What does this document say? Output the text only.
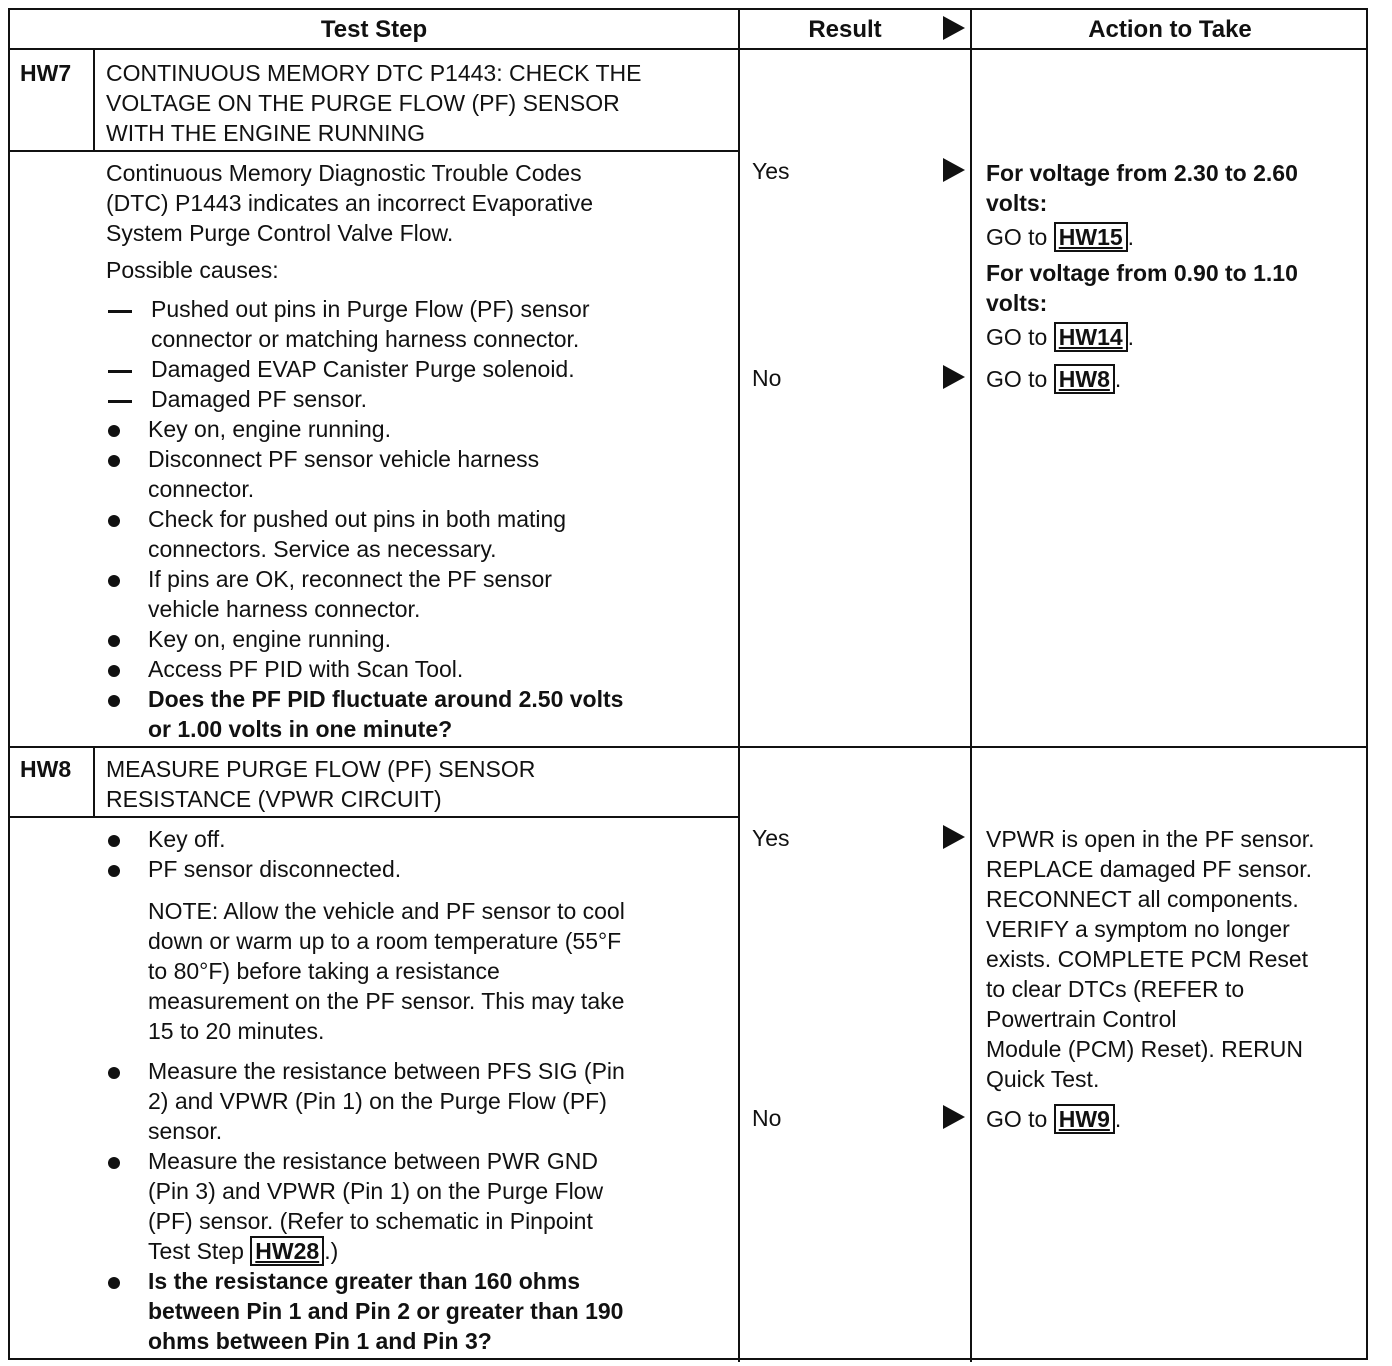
Test Step	Result	Action to Take
HW7 CONTINUOUS MEMORY DTC P1443: CHECK THE
VOLTAGE ON THE PURGE FLOW (PF) SENSOR
WITH THE ENGINE RUNNING
Continuous Memory Diagnostic Trouble Codes
(DTC) P1443 indicates an incorrect Evaporative
System Purge Control Valve Flow.
Possible causes:
Pushed out pins in Purge Flow (PF) sensor
connector or matching harness connector.
Damaged EVAP Canister Purge solenoid.
Damaged PF sensor.
Key on, engine running.
Disconnect PF sensor vehicle harness
connector.
Check for pushed out pins in both mating
connectors. Service as necessary.
If pins are OK, reconnect the PF sensor
vehicle harness connector.
Key on, engine running.
Access PF PID with Scan Tool.
Does the PF PID fluctuate around 2.50 volts
or 1.00 volts in one minute?
Yes
No
For voltage from 2.30 to 2.60
volts:
GO to HW15 .
For voltage from 0.90 to 1.10
volts:
GO to HW14 .
GO to HW8 .
HW8 MEASURE PURGE FLOW (PF) SENSOR
RESISTANCE (VPWR CIRCUIT)
Key off.
PF sensor disconnected.
NOTE: Allow the vehicle and PF sensor to cool
down or warm up to a room temperature (55°F
to 80°F) before taking a resistance
measurement on the PF sensor. This may take
15 to 20 minutes.
Measure the resistance between PFS SIG (Pin
2) and VPWR (Pin 1) on the Purge Flow (PF)
sensor.
Measure the resistance between PWR GND
(Pin 3) and VPWR (Pin 1) on the Purge Flow
(PF) sensor. (Refer to schematic in Pinpoint
Test Step HW28 .)
Is the resistance greater than 160 ohms
between Pin 1 and Pin 2 or greater than 190
ohms between Pin 1 and Pin 3?
Yes
No
VPWR is open in the PF sensor.
REPLACE damaged PF sensor.
RECONNECT all components.
VERIFY a symptom no longer
exists. COMPLETE PCM Reset
to clear DTCs (REFER to
Powertrain Control
Module (PCM) Reset). RERUN
Quick Test.
GO to HW9 .
